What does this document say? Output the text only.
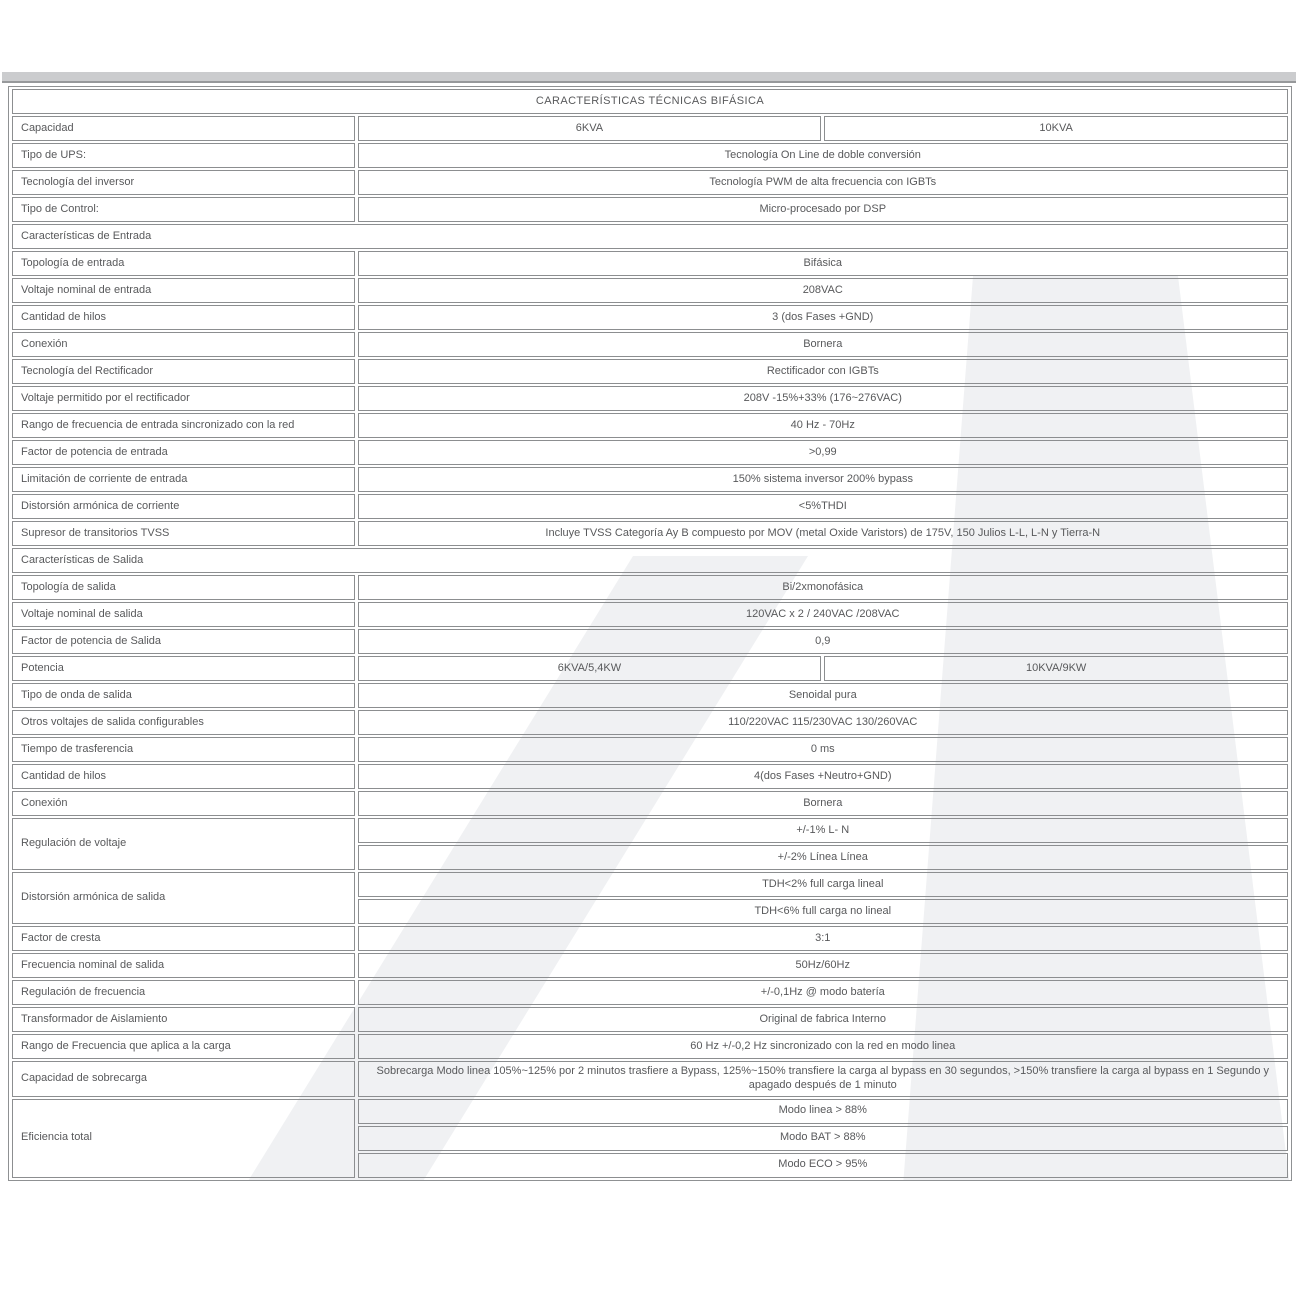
CARACTERÍSTICAS TÉCNICAS BIFÁSICA		
Capacidad	6KVA	10KVA
Tipo de UPS:	Tecnología On Line de doble conversión	
Tecnología del inversor	Tecnología PWM de alta frecuencia con IGBTs	
Tipo de Control:	Micro-procesado por DSP	
Características de Entrada		
Topología de entrada	Bifásica	
Voltaje nominal de entrada	208VAC	
Cantidad de hilos	3 (dos Fases +GND)	
Conexión	Bornera	
Tecnología del Rectificador	Rectificador con IGBTs	
Voltaje permitido por el rectificador	208V -15%+33% (176~276VAC)	
Rango de frecuencia de entrada sincronizado con la red	40 Hz - 70Hz	
Factor de potencia de entrada	>0,99	
Limitación de corriente de entrada	150% sistema inversor 200% bypass	
Distorsión armónica de corriente	<5%THDI	
Supresor de transitorios TVSS	Incluye TVSS Categoría Ay B compuesto por MOV (metal Oxide Varistors) de 175V, 150 Julios L-L, L-N y Tierra-N	
Características de Salida		
Topología de salida	Bi/2xmonofásica	
Voltaje nominal de salida	120VAC x 2 / 240VAC /208VAC	
Factor de potencia de Salida	0,9	
Potencia	6KVA/5,4KW	10KVA/9KW
Tipo de onda de salida	Senoidal pura	
Otros voltajes de salida configurables	110/220VAC 115/230VAC 130/260VAC	
Tiempo de trasferencia	0 ms	
Cantidad de hilos	4(dos Fases +Neutro+GND)	
Conexión	Bornera	
Regulación de voltaje	+/-1% L- N	
	+/-2% Línea Línea	
Distorsión armónica de salida	TDH<2% full carga lineal	
	TDH<6% full carga no lineal	
Factor de cresta	3:1	
Frecuencia nominal de salida	50Hz/60Hz	
Regulación de frecuencia	+/-0,1Hz @ modo batería	
Transformador de Aislamiento	Original de fabrica Interno	
Rango de Frecuencia que aplica a la carga	60 Hz +/-0,2 Hz sincronizado con la red en modo linea	
Capacidad de sobrecarga	Sobrecarga Modo linea 105%~125% por 2 minutos trasfiere a Bypass, 125%~150% transfiere la carga al bypass en 30 segundos, >150% transfiere la carga al bypass en 1 Segundo y apagado después de 1 minuto	
Eficiencia total	Modo linea > 88%	
	Modo BAT > 88%	
	Modo ECO > 95%	
